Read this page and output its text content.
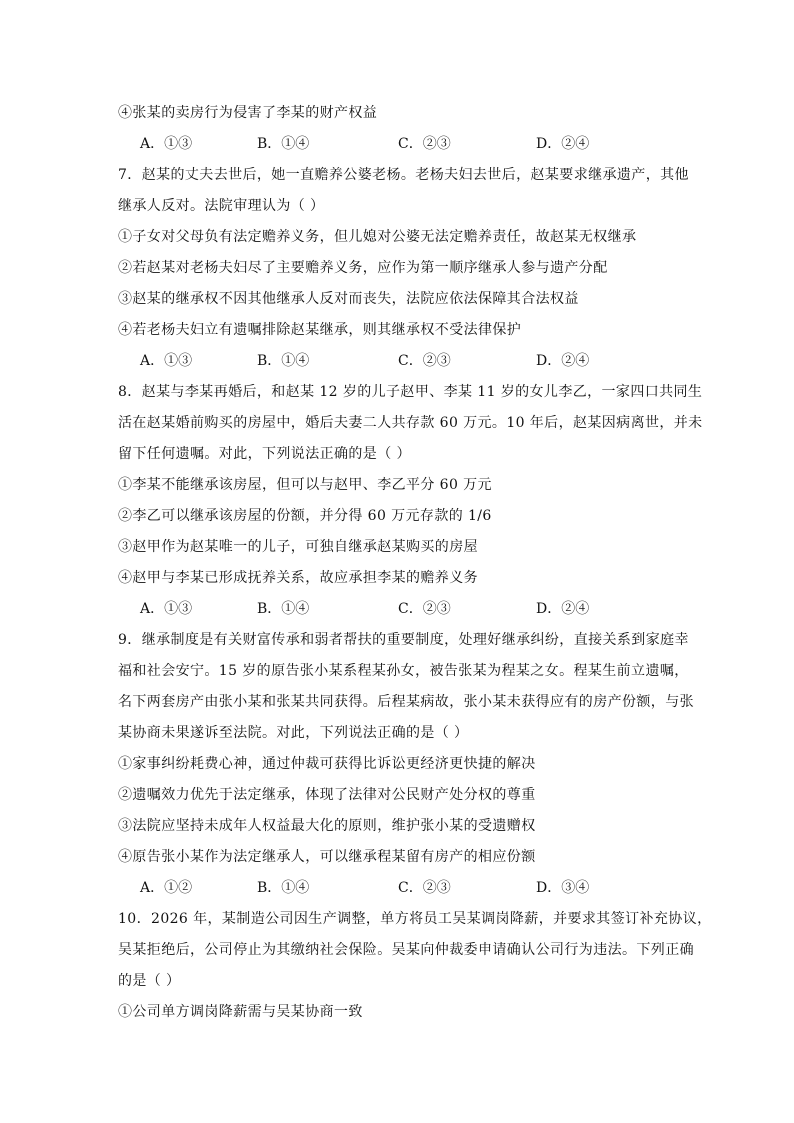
④张某的卖房行为侵害了李某的财产权益
A．①③	B．①④	C．②③	D．②④
7．赵某的丈夫去世后，她一直赡养公婆老杨。老杨夫妇去世后，赵某要求继承遗产，其他
继承人反对。法院审理认为（ ）
①子女对父母负有法定赡养义务，但儿媳对公婆无法定赡养责任，故赵某无权继承
②若赵某对老杨夫妇尽了主要赡养义务，应作为第一顺序继承人参与遗产分配
③赵某的继承权不因其他继承人反对而丧失，法院应依法保障其合法权益
④若老杨夫妇立有遗嘱排除赵某继承，则其继承权不受法律保护
A．①③	B．①④	C．②③	D．②④
8．赵某与李某再婚后，和赵某 12 岁的儿子赵甲、李某 11 岁的女儿李乙，一家四口共同生
活在赵某婚前购买的房屋中，婚后夫妻二人共存款 60 万元。10 年后，赵某因病离世，并未
留下任何遗嘱。对此，下列说法正确的是（ ）
①李某不能继承该房屋，但可以与赵甲、李乙平分 60 万元
②李乙可以继承该房屋的份额，并分得 60 万元存款的 1/6
③赵甲作为赵某唯一的儿子，可独自继承赵某购买的房屋
④赵甲与李某已形成抚养关系，故应承担李某的赡养义务
A．①③	B．①④	C．②③	D．②④
9．继承制度是有关财富传承和弱者帮扶的重要制度，处理好继承纠纷，直接关系到家庭幸
福和社会安宁。15 岁的原告张小某系程某孙女，被告张某为程某之女。程某生前立遗嘱，
名下两套房产由张小某和张某共同获得。后程某病故，张小某未获得应有的房产份额，与张
某协商未果遂诉至法院。对此，下列说法正确的是（ ）
①家事纠纷耗费心神，通过仲裁可获得比诉讼更经济更快捷的解决
②遗嘱效力优先于法定继承，体现了法律对公民财产处分权的尊重
③法院应坚持未成年人权益最大化的原则，维护张小某的受遗赠权
④原告张小某作为法定继承人，可以继承程某留有房产的相应份额
A．①②	B．①④	C．②③	D．③④
10．2026 年，某制造公司因生产调整，单方将员工吴某调岗降薪，并要求其签订补充协议，
吴某拒绝后，公司停止为其缴纳社会保险。吴某向仲裁委申请确认公司行为违法。下列正确
的是（ ）
①公司单方调岗降薪需与吴某协商一致
